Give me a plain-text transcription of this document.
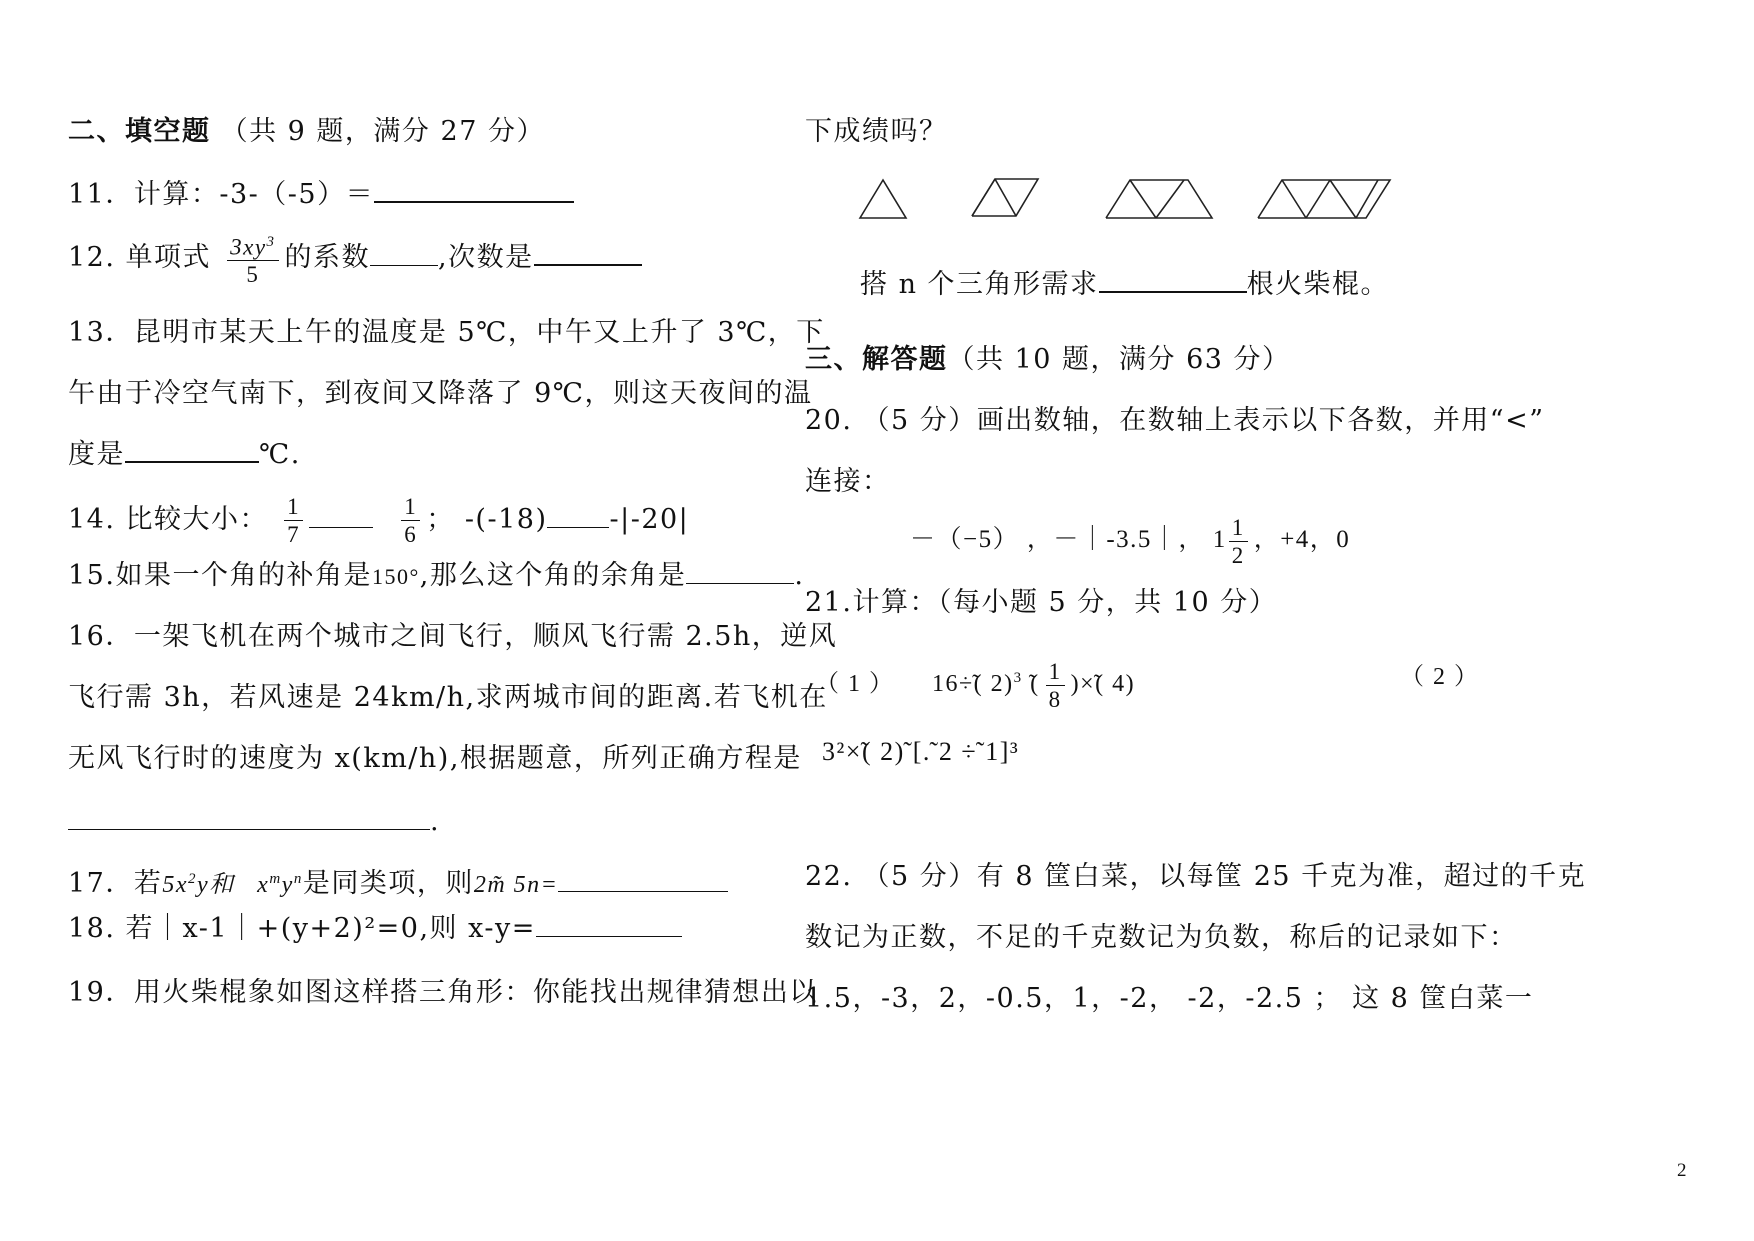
二、填空题 （共 9 题，满分 27 分）
11．计算：-3-（-5）＝
12. 单项式 $\frac{3xy^3}{5}$ 的系数	,次数是
13．昆明市某天上午的温度是 5℃，中午又上升了 3℃，下
午由于冷空气南下，到夜间又降落了 9℃，则这天夜间的温
度是	℃.
14. 比较大小： $\frac{1}{7}$
	$\frac{1}{6}$ ； -(-18) -|-20|
15.如果一个角的补角是150°,那么这个角的余角是	.
16．一架飞机在两个城市之间飞行，顺风飞行需 2.5h，逆风
飞行需 3h，若风速是 24km/h,求两城市间的距离.若飞机在
无风飞行时的速度为 x(km/h),根据题意，所列正确方程是
.
17．若$5x^2y$和 $x^my^n$是同类项，则2m̃ 5n=
18. 若｜x-1｜+(y+2)²=0,则 x-y=
19．用火柴棍象如图这样搭三角形：你能找出规律猜想出以
下成绩吗？
搭 n 个三角形需求	根火柴棍。
三、解答题（共 10 题，满分 63 分）
20. （5 分）画出数轴，在数轴上表示以下各数，并用“<”
连接：
－（−5） ，－｜-3.5｜， $1 \frac{1}{2}$ ，+4，0
21.计算：（每小题 5 分，共 10 分）
（ 1 ） 16÷̃( 2)$^3$ ̃( $\frac{1}{8}$ )×̃( 4)	（ 2 ）
3²×̃( 2)̃ [.̃ 2 ÷̃ 1]³
22. （5 分）有 8 筐白菜，以每筐 25 千克为准，超过的千克
数记为正数，不足的千克数记为负数，称后的记录如下：
1.5，-3，2，-0.5，1，-2， -2，-2.5 ； 这 8 筐白菜一
2
